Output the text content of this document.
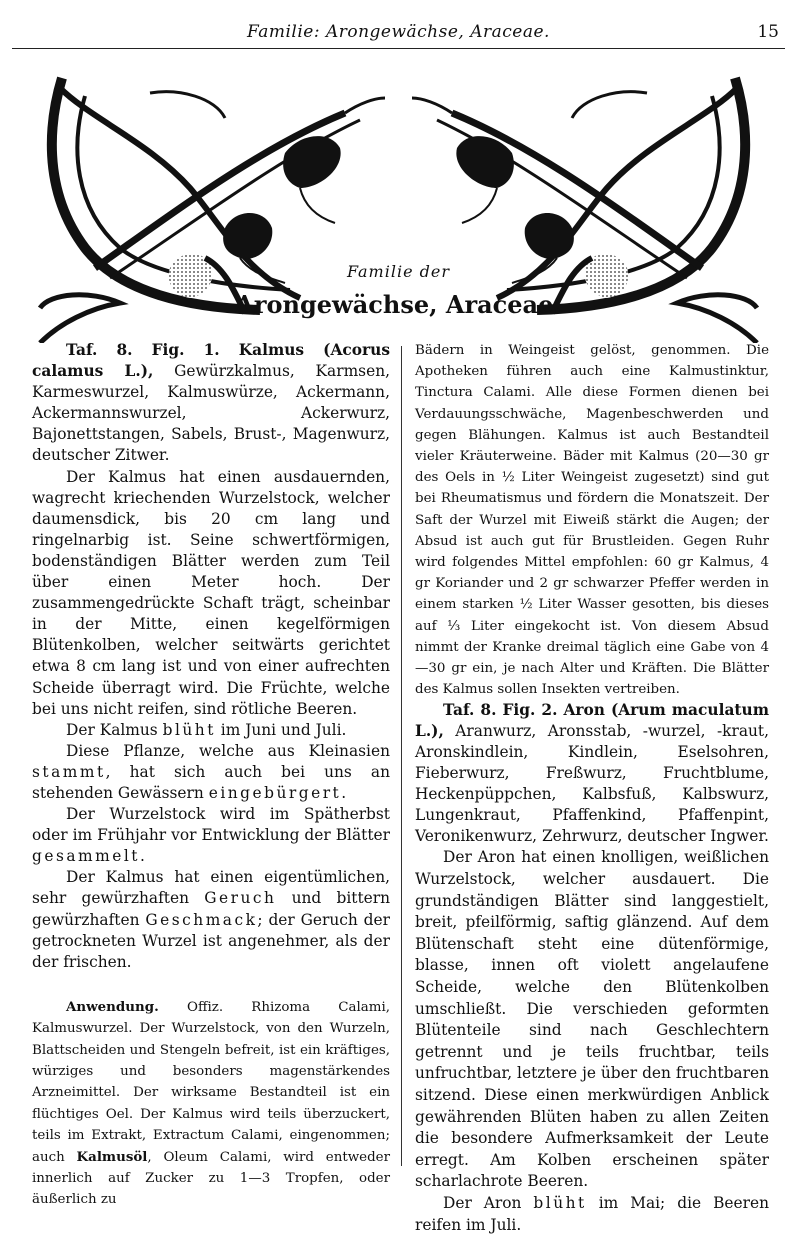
Familie: Arongewächse, Araceae.	15
Familie der
Arongewächse, Araceae.

Taf. 8. Fig. 1. Kalmus (Acorus calamus L.), Gewürzkalmus, Karmsen, Karmeswurzel, Kalmuswürze, Ackermann, Ackermannswurzel, Ackerwurz, Bajonettstangen, Sabels, Brust-, Magenwurz, deutscher Zitwer.

Der Kalmus hat einen ausdauernden, wagrecht kriechenden Wurzelstock, welcher daumensdick, bis 20 cm lang und ringelnarbig ist. Seine schwertförmigen, bodenständigen Blätter werden zum Teil über einen Meter hoch. Der zusammengedrückte Schaft trägt, scheinbar in der Mitte, einen kegelförmigen Blütenkolben, welcher seitwärts gerichtet etwa 8 cm lang ist und von einer aufrechten Scheide überragt wird. Die Früchte, welche bei uns nicht reifen, sind rötliche Beeren.

Der Kalmus blüht im Juni und Juli.

Diese Pflanze, welche aus Kleinasien stammt, hat sich auch bei uns an stehenden Gewässern eingebürgert.

Der Wurzelstock wird im Spätherbst oder im Frühjahr vor Entwicklung der Blätter gesammelt.

Der Kalmus hat einen eigentümlichen, sehr gewürzhaften Geruch und bittern gewürzhaften Geschmack; der Geruch der getrockneten Wurzel ist angenehmer, als der der frischen.

Anwendung. Offiz. Rhizoma Calami, Kalmuswurzel. Der Wurzelstock, von den Wurzeln, Blattscheiden und Stengeln befreit, ist ein kräftiges, würziges und besonders magenstärkendes Arzneimittel. Der wirksame Bestandteil ist ein flüchtiges Oel. Der Kalmus wird teils überzuckert, teils im Extrakt, Extractum Calami, eingenommen; auch Kalmusöl, Oleum Calami, wird entweder innerlich auf Zucker zu 1—3 Tropfen, oder äußerlich zu

Bädern in Weingeist gelöst, genommen. Die Apotheken führen auch eine Kalmustinktur, Tinctura Calami. Alle diese Formen dienen bei Verdauungsschwäche, Magenbeschwerden und gegen Blähungen. Kalmus ist auch Bestandteil vieler Kräuterweine. Bäder mit Kalmus (20—30 gr des Oels in ½ Liter Weingeist zugesetzt) sind gut bei Rheumatismus und fördern die Monatszeit. Der Saft der Wurzel mit Eiweiß stärkt die Augen; der Absud ist auch gut für Brustleiden. Gegen Ruhr wird folgendes Mittel empfohlen: 60 gr Kalmus, 4 gr Koriander und 2 gr schwarzer Pfeffer werden in einem starken ½ Liter Wasser gesotten, bis dieses auf ⅓ Liter eingekocht ist. Von diesem Absud nimmt der Kranke dreimal täglich eine Gabe von 4—30 gr ein, je nach Alter und Kräften. Die Blätter des Kalmus sollen Insekten vertreiben.

Taf. 8. Fig. 2. Aron (Arum maculatum L.), Aranwurz, Aronsstab, -wurzel, -kraut, Aronskindlein, Kindlein, Eselsohren, Fieberwurz, Freßwurz, Fruchtblume, Heckenpüppchen, Kalbsfuß, Kalbswurz, Lungenkraut, Pfaffenkind, Pfaffenpint, Veronikenwurz, Zehrwurz, deutscher Ingwer.

Der Aron hat einen knolligen, weißlichen Wurzelstock, welcher ausdauert. Die grundständigen Blätter sind langgestielt, breit, pfeilförmig, saftig glänzend. Auf dem Blütenschaft steht eine dütenförmige, blasse, innen oft violett angelaufene Scheide, welche den Blütenkolben umschließt. Die verschieden geformten Blütenteile sind nach Geschlechtern getrennt und je teils fruchtbar, teils unfruchtbar, letztere je über den fruchtbaren sitzend. Diese einen merkwürdigen Anblick gewährenden Blüten haben zu allen Zeiten die besondere Aufmerksamkeit der Leute erregt. Am Kolben erscheinen später scharlachrote Beeren.

Der Aron blüht im Mai; die Beeren reifen im Juli.
